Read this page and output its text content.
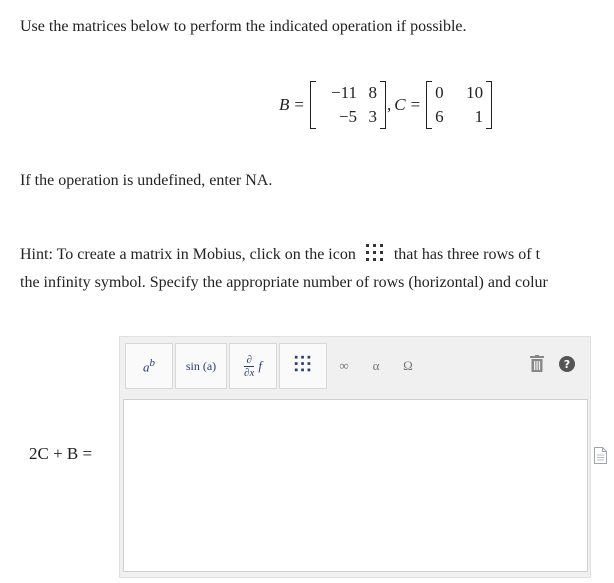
Use the matrices below to perform the indicated operation if possible.
B =
−11 8
−5 3
, C =
0	10
6	1
If the operation is undefined, enter NA.
Hint: To create a matrix in Mobius, click on the icon that has three rows of t
the infinity symbol. Specify the appropriate number of rows (horizontal) and colur
2C + B =
$a^b$	sin (a)	∂
∂x f	∞ α Ω	?
